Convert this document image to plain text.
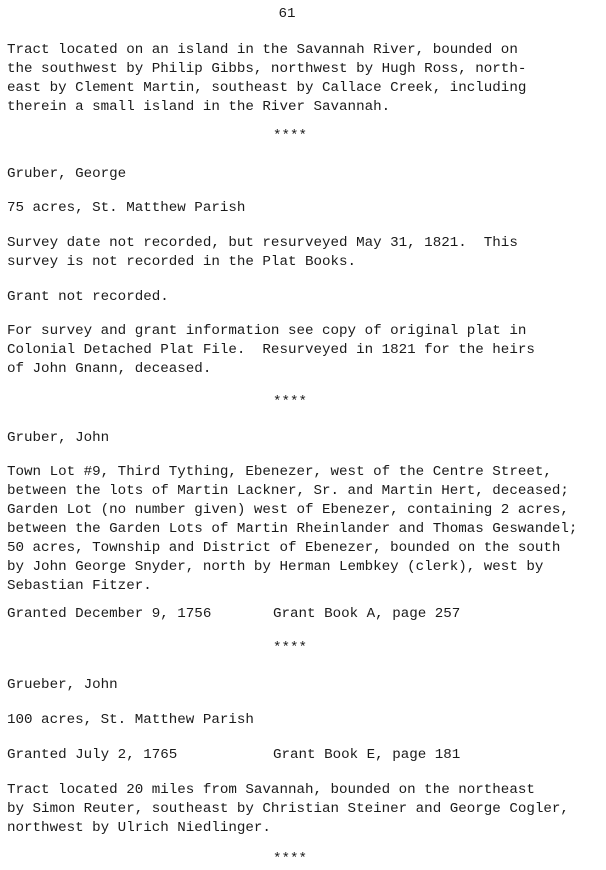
61
Tract located on an island in the Savannah River, bounded on
the southwest by Philip Gibbs, northwest by Hugh Ross, north-
east by Clement Martin, southeast by Callace Creek, including
therein a small island in the River Savannah.
****
Gruber, George
75 acres, St. Matthew Parish
Survey date not recorded, but resurveyed May 31, 1821.  This
survey is not recorded in the Plat Books.
Grant not recorded.
For survey and grant information see copy of original plat in
Colonial Detached Plat File.  Resurveyed in 1821 for the heirs
of John Gnann, deceased.
****
Gruber, John
Town Lot #9, Third Tything, Ebenezer, west of the Centre Street,
between the lots of Martin Lackner, Sr. and Martin Hert, deceased;
Garden Lot (no number given) west of Ebenezer, containing 2 acres,
between the Garden Lots of Martin Rheinlander and Thomas Geswandel;
50 acres, Township and District of Ebenezer, bounded on the south
by John George Snyder, north by Herman Lembkey (clerk), west by
Sebastian Fitzer.
Granted December 9, 1756	Grant Book A, page 257
****
Grueber, John
100 acres, St. Matthew Parish
Granted July 2, 1765	Grant Book E, page 181
Tract located 20 miles from Savannah, bounded on the northeast
by Simon Reuter, southeast by Christian Steiner and George Cogler,
northwest by Ulrich Niedlinger.
****
